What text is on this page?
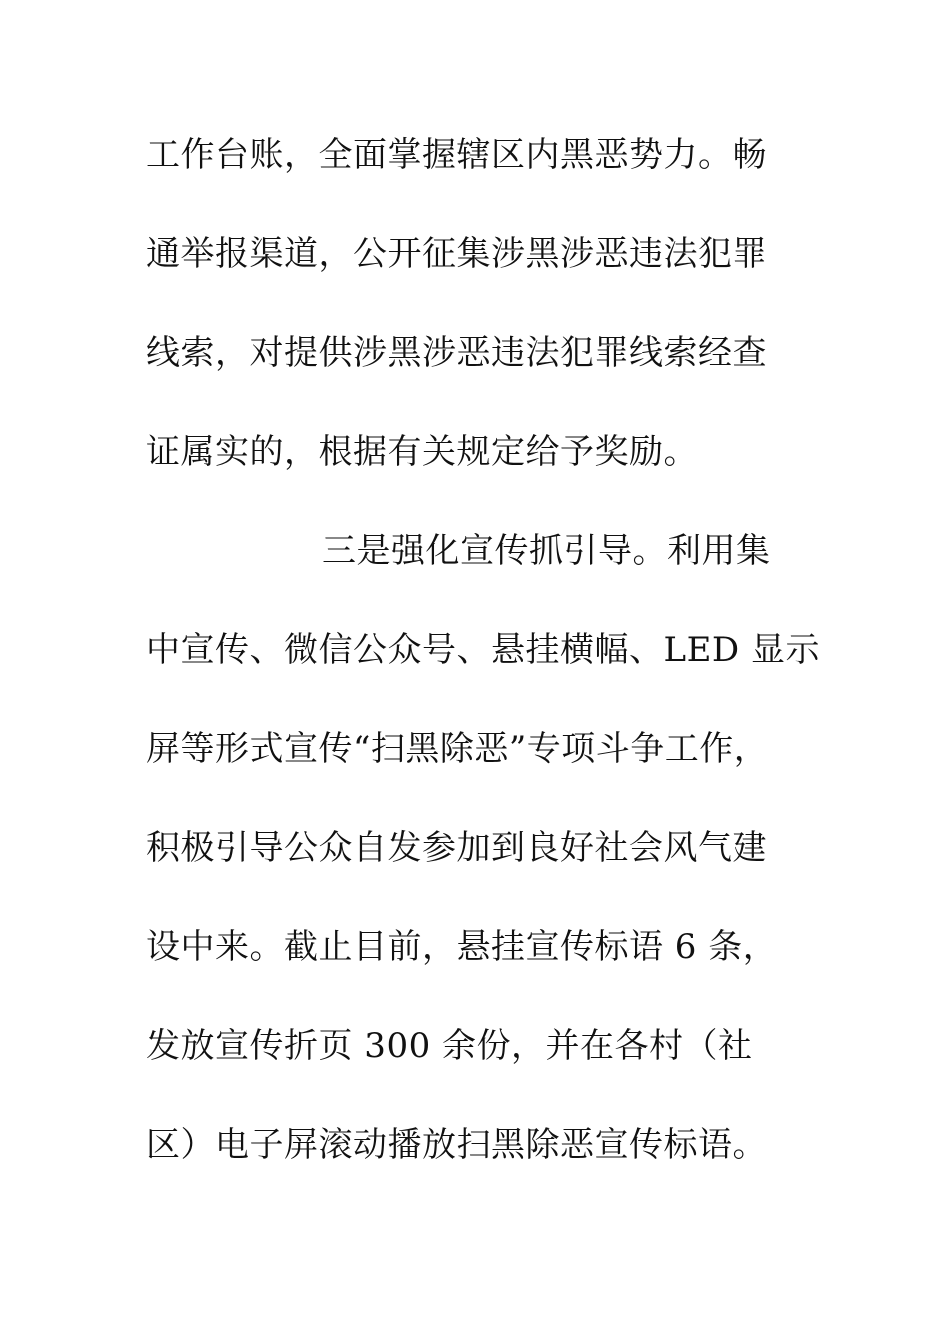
工作台账，全面掌握辖区内黑恶势力。畅
通举报渠道，公开征集涉黑涉恶违法犯罪
线索，对提供涉黑涉恶违法犯罪线索经查
证属实的，根据有关规定给予奖励。
三是强化宣传抓引导。利用集
中宣传、微信公众号、悬挂横幅、LED 显示
屏等形式宣传“扫黑除恶”专项斗争工作，
积极引导公众自发参加到良好社会风气建
设中来。截止目前，悬挂宣传标语 6 条，
发放宣传折页 300 余份，并在各村（社
区）电子屏滚动播放扫黑除恶宣传标语。
